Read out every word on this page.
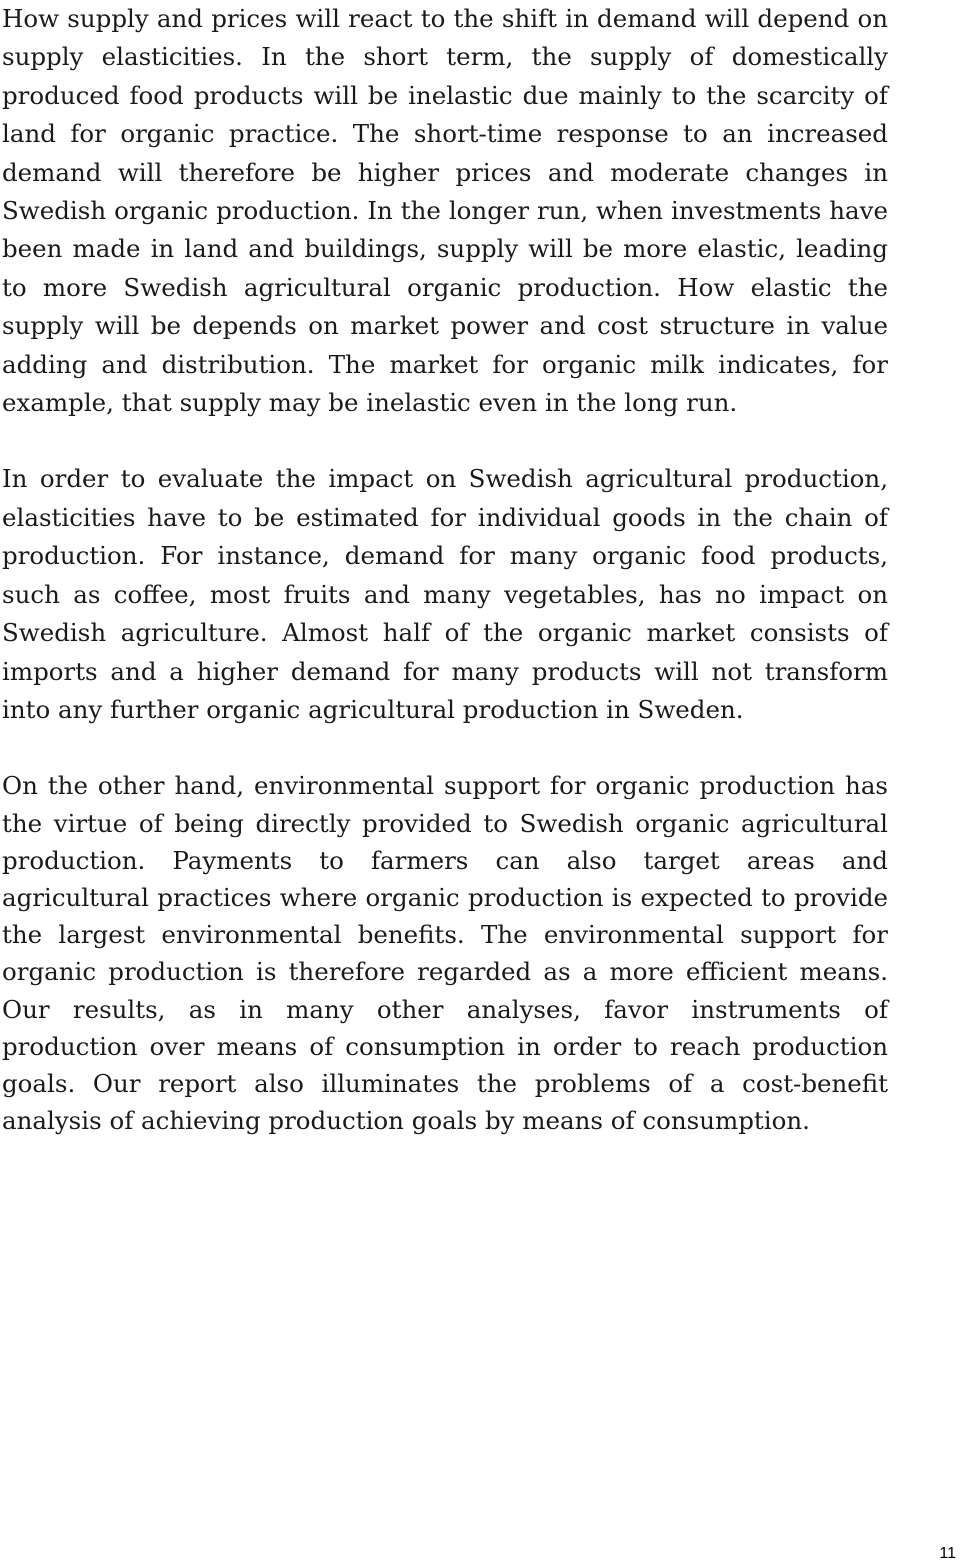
How supply and prices will react to the shift in demand will depend on supply elasticities. In the short term, the supply of domestically produced food products will be inelastic due mainly to the scarcity of land for organic practice. The short-time response to an increased demand will therefore be higher prices and moderate changes in Swedish organic production. In the longer run, when investments have been made in land and buildings, supply will be more elastic, leading to more Swedish agricultural organic production. How elastic the supply will be depends on market power and cost structure in value adding and distribution. The market for organic milk indicates, for example, that supply may be inelastic even in the long run.

In order to evaluate the impact on Swedish agricultural production, elasticities have to be estimated for individual goods in the chain of production. For instance, demand for many organic food products, such as coffee, most fruits and many vegetables, has no impact on Swedish agriculture. Almost half of the organic market consists of imports and a higher demand for many products will not transform into any further organic agricultural production in Sweden.

On the other hand, environmental support for organic production has the virtue of being directly provided to Swedish organic agricultural production. Payments to farmers can also target areas and agricultural practices where organic production is expected to provide the largest environmental benefits. The environmental support for organic production is therefore regarded as a more efficient means. Our results, as in many other analyses, favor instruments of production over means of consumption in order to reach production goals. Our report also illuminates the problems of a cost-benefit analysis of achieving production goals by means of consumption.

11
